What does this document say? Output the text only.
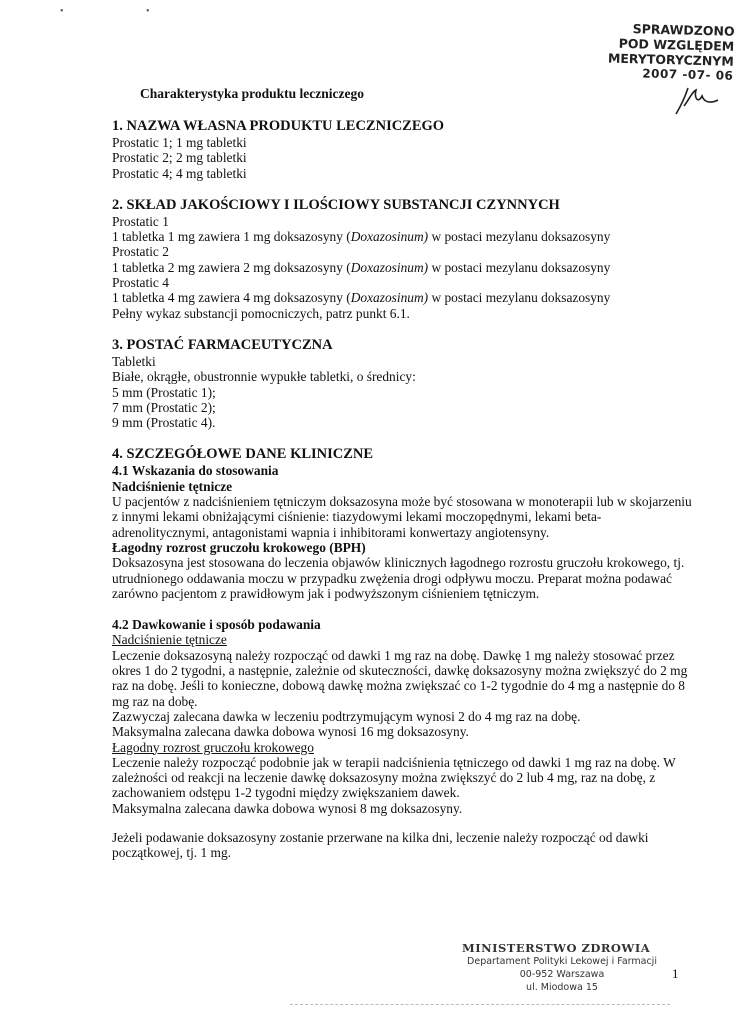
• •
SPRAWDZONO
POD WZGLĘDEM
MERYTORYCZNYM
2007 -07- 06
Charakterystyka produktu leczniczego
1. NAZWA WŁASNA PRODUKTU LECZNICZEGO
Prostatic 1; 1 mg tabletki
Prostatic 2; 2 mg tabletki
Prostatic 4; 4 mg tabletki
2. SKŁAD JAKOŚCIOWY I ILOŚCIOWY SUBSTANCJI CZYNNYCH
Prostatic 1
1 tabletka 1 mg zawiera 1 mg doksazosyny (Doxazosinum) w postaci mezylanu doksazosyny
Prostatic 2
1 tabletka 2 mg zawiera 2 mg doksazosyny (Doxazosinum) w postaci mezylanu doksazosyny
Prostatic 4
1 tabletka 4 mg zawiera 4 mg doksazosyny (Doxazosinum) w postaci mezylanu doksazosyny
Pełny wykaz substancji pomocniczych, patrz punkt 6.1.
3. POSTAĆ FARMACEUTYCZNA
Tabletki
Białe, okrągłe, obustronnie wypukłe tabletki, o średnicy:
5 mm (Prostatic 1);
7 mm (Prostatic 2);
9 mm (Prostatic 4).
4. SZCZEGÓŁOWE DANE KLINICZNE
4.1 Wskazania do stosowania
Nadciśnienie tętnicze
U pacjentów z nadciśnieniem tętniczym doksazosyna może być stosowana w monoterapii lub w skojarzeniu z innymi lekami obniżającymi ciśnienie: tiazydowymi lekami moczopędnymi, lekami beta-adrenolitycznymi, antagonistami wapnia i inhibitorami konwertazy angiotensyny.
Łagodny rozrost gruczołu krokowego (BPH)
Doksazosyna jest stosowana do leczenia objawów klinicznych łagodnego rozrostu gruczołu krokowego, tj. utrudnionego oddawania moczu w przypadku zwężenia drogi odpływu moczu. Preparat można podawać zarówno pacjentom z prawidłowym jak i podwyższonym ciśnieniem tętniczym.
4.2 Dawkowanie i sposób podawania
Nadciśnienie tętnicze
Leczenie doksazosyną należy rozpocząć od dawki 1 mg raz na dobę. Dawkę 1 mg należy stosować przez okres 1 do 2 tygodni, a następnie, zależnie od skuteczności, dawkę doksazosyny można zwiększyć do 2 mg raz na dobę. Jeśli to konieczne, dobową dawkę można zwiększać co 1-2 tygodnie do 4 mg a następnie do 8 mg raz na dobę.
Zazwyczaj zalecana dawka w leczeniu podtrzymującym wynosi 2 do 4 mg raz na dobę.
Maksymalna zalecana dawka dobowa wynosi 16 mg doksazosyny.
Łagodny rozrost gruczołu krokowego
Leczenie należy rozpocząć podobnie jak w terapii nadciśnienia tętniczego od dawki 1 mg raz na dobę. W zależności od reakcji na leczenie dawkę doksazosyny można zwiększyć do 2 lub 4 mg, raz na dobę, z zachowaniem odstępu 1-2 tygodni między zwiększaniem dawek.
Maksymalna zalecana dawka dobowa wynosi 8 mg doksazosyny.
Jeżeli podawanie doksazosyny zostanie przerwane na kilka dni, leczenie należy rozpocząć od dawki początkowej, tj. 1 mg.
MINISTERSTWO ZDROWIA
Departament Polityki Lekowej i Farmacji
00-952 Warszawa
ul. Miodowa 15
1
